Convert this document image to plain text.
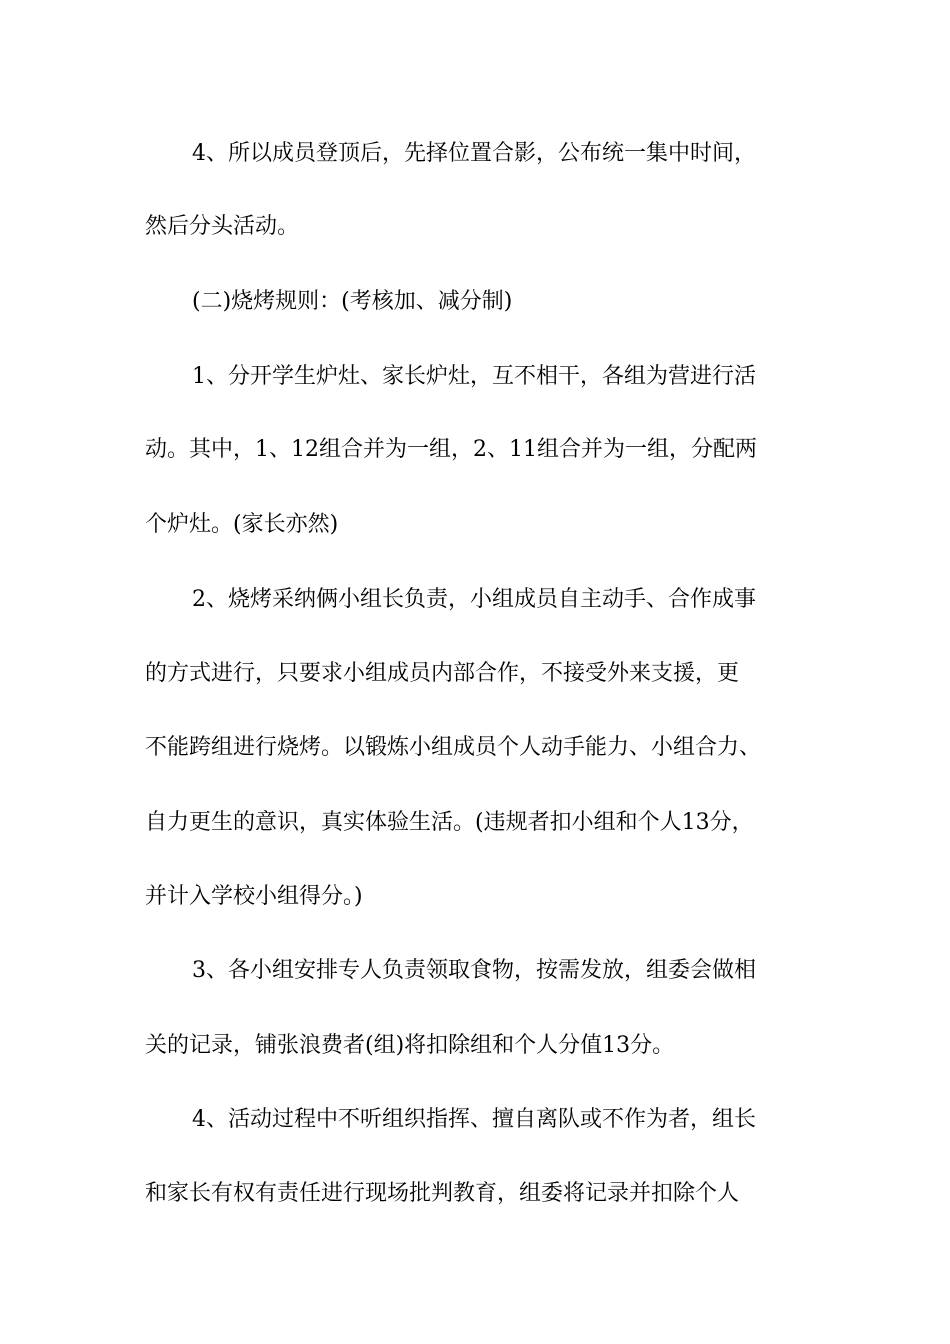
4、所以成员登顶后，先择位置合影，公布统一集中时间，
然后分头活动。
(二)烧烤规则：(考核加、减分制)
1、分开学生炉灶、家长炉灶，互不相干，各组为营进行活
动。其中，1、12组合并为一组，2、11组合并为一组，分配两
个炉灶。(家长亦然)
2、烧烤采纳俩小组长负责，小组成员自主动手、合作成事
的方式进行，只要求小组成员内部合作，不接受外来支援，更
不能跨组进行烧烤。以锻炼小组成员个人动手能力、小组合力、
自力更生的意识，真实体验生活。(违规者扣小组和个人13分，
并计入学校小组得分。)
3、各小组安排专人负责领取食物，按需发放，组委会做相
关的记录，铺张浪费者(组)将扣除组和个人分值13分。
4、活动过程中不听组织指挥、擅自离队或不作为者，组长
和家长有权有责任进行现场批判教育，组委将记录并扣除个人
